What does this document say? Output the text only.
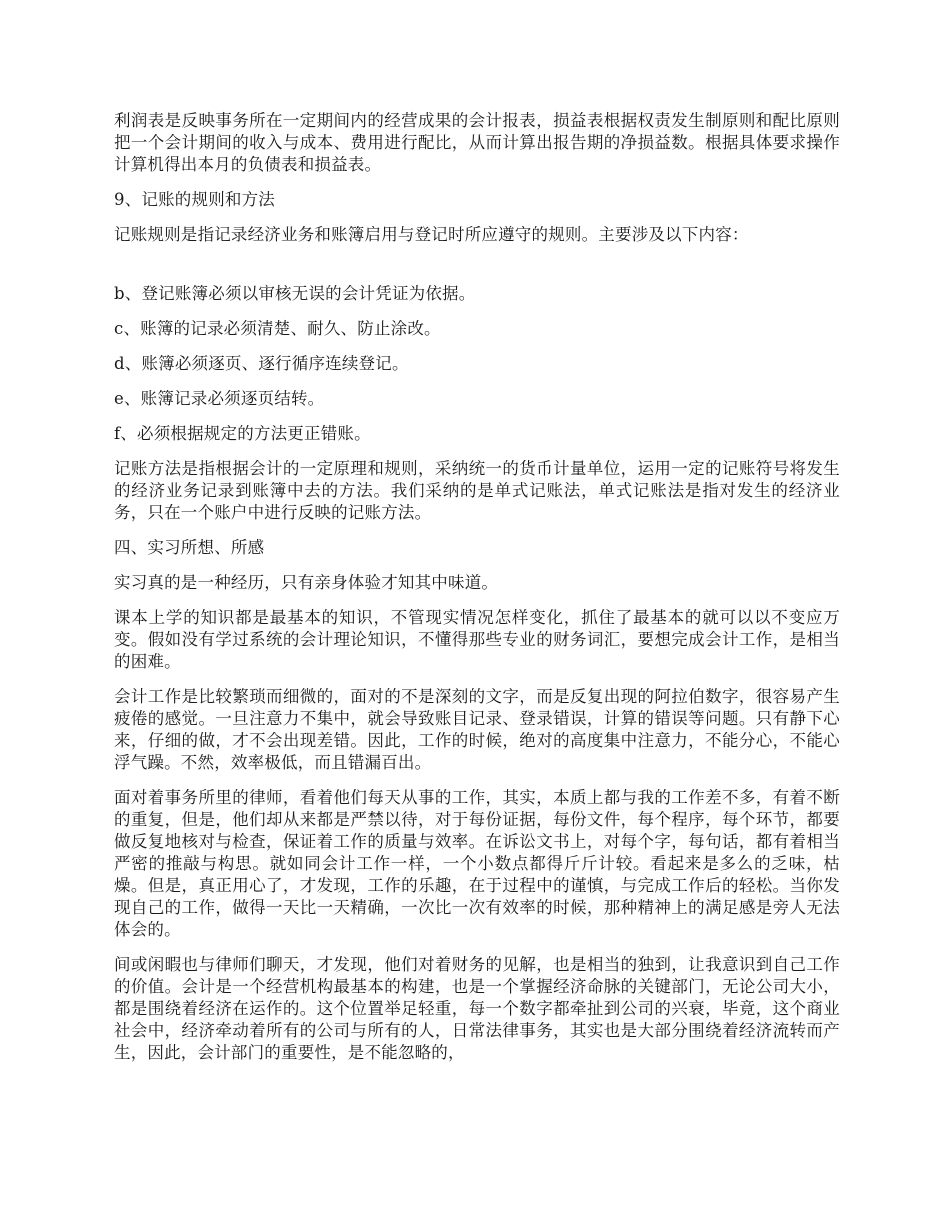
利润表是反映事务所在一定期间内的经营成果的会计报表，损益表根据权责发生制原则和配比原则把一个会计期间的收入与成本、费用进行配比，从而计算出报告期的净损益数。根据具体要求操作计算机得出本月的负债表和损益表。

9、记账的规则和方法

记账规则是指记录经济业务和账簿启用与登记时所应遵守的规则。主要涉及以下内容：

b、登记账簿必须以审核无误的会计凭证为依据。

c、账簿的记录必须清楚、耐久、防止涂改。

d、账簿必须逐页、逐行循序连续登记。

e、账簿记录必须逐页结转。

f、必须根据规定的方法更正错账。

记账方法是指根据会计的一定原理和规则，采纳统一的货币计量单位，运用一定的记账符号将发生的经济业务记录到账簿中去的方法。我们采纳的是单式记账法，单式记账法是指对发生的经济业务，只在一个账户中进行反映的记账方法。

四、实习所想、所感

实习真的是一种经历，只有亲身体验才知其中味道。

课本上学的知识都是最基本的知识，不管现实情况怎样变化，抓住了最基本的就可以以不变应万变。假如没有学过系统的会计理论知识，不懂得那些专业的财务词汇，要想完成会计工作，是相当的困难。

会计工作是比较繁琐而细微的，面对的不是深刻的文字，而是反复出现的阿拉伯数字，很容易产生疲倦的感觉。一旦注意力不集中，就会导致账目记录、登录错误，计算的错误等问题。只有静下心来，仔细的做，才不会出现差错。因此，工作的时候，绝对的高度集中注意力，不能分心，不能心浮气躁。不然，效率极低，而且错漏百出。

面对着事务所里的律师，看着他们每天从事的工作，其实，本质上都与我的工作差不多，有着不断的重复，但是，他们却从来都是严禁以待，对于每份证据，每份文件，每个程序，每个环节，都要做反复地核对与检查，保证着工作的质量与效率。在诉讼文书上，对每个字，每句话，都有着相当严密的推敲与构思。就如同会计工作一样，一个小数点都得斤斤计较。看起来是多么的乏味，枯燥。但是，真正用心了，才发现，工作的乐趣，在于过程中的谨慎，与完成工作后的轻松。当你发现自己的工作，做得一天比一天精确，一次比一次有效率的时候，那种精神上的满足感是旁人无法体会的。

间或闲暇也与律师们聊天，才发现，他们对着财务的见解，也是相当的独到，让我意识到自己工作的价值。会计是一个经营机构最基本的构建，也是一个掌握经济命脉的关键部门，无论公司大小，都是围绕着经济在运作的。这个位置举足轻重，每一个数字都牵扯到公司的兴衰，毕竟，这个商业社会中，经济牵动着所有的公司与所有的人，日常法律事务，其实也是大部分围绕着经济流转而产生，因此，会计部门的重要性，是不能忽略的，
